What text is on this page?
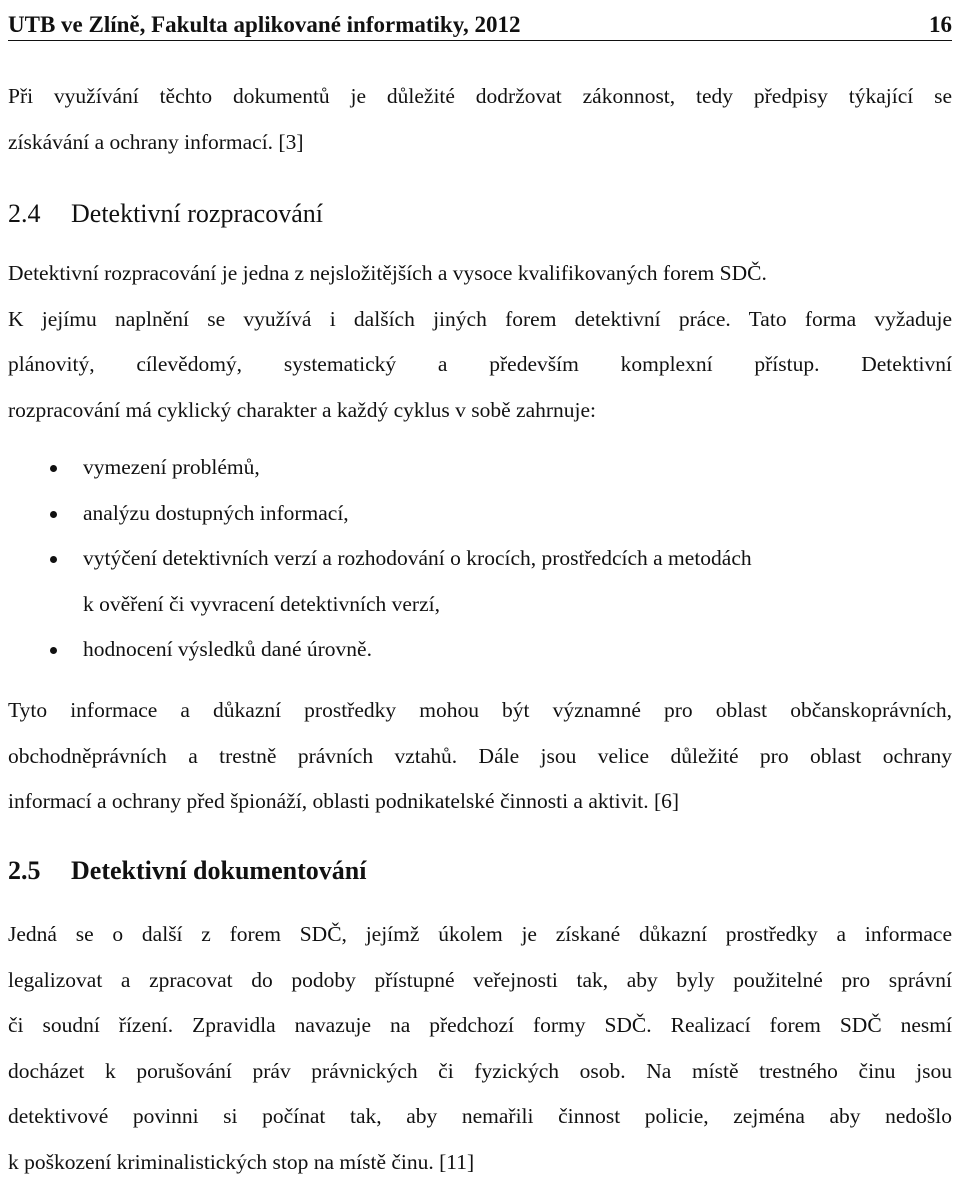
UTB ve Zlíně, Fakulta aplikované informatiky, 2012	16
Při využívání těchto dokumentů je důležité dodržovat zákonnost, tedy předpisy týkající se
získávání a ochrany informací. [3]
2.4 Detektivní rozpracování
Detektivní rozpracování je jedna z nejsložitějších a vysoce kvalifikovaných forem SDČ.
K jejímu naplnění se využívá i dalších jiných forem detektivní práce. Tato forma vyžaduje
plánovitý, cílevědomý, systematický a především komplexní přístup. Detektivní
rozpracování má cyklický charakter a každý cyklus v sobě zahrnuje:
vymezení problémů,
analýzu dostupných informací,
vytýčení detektivních verzí a rozhodování o krocích, prostředcích a metodách
k ověření či vyvracení detektivních verzí,
hodnocení výsledků dané úrovně.
Tyto informace a důkazní prostředky mohou být významné pro oblast občanskoprávních,
obchodněprávních a trestně právních vztahů. Dále jsou velice důležité pro oblast ochrany
informací a ochrany před špionáží, oblasti podnikatelské činnosti a aktivit. [6]
2.5 Detektivní dokumentování
Jedná se o další z forem SDČ, jejímž úkolem je získané důkazní prostředky a informace
legalizovat a zpracovat do podoby přístupné veřejnosti tak, aby byly použitelné pro správní
či soudní řízení. Zpravidla navazuje na předchozí formy SDČ. Realizací forem SDČ nesmí
docházet k porušování práv právnických či fyzických osob. Na místě trestného činu jsou
detektivové povinni si počínat tak, aby nemařili činnost policie, zejména aby nedošlo
k poškození kriminalistických stop na místě činu. [11]
